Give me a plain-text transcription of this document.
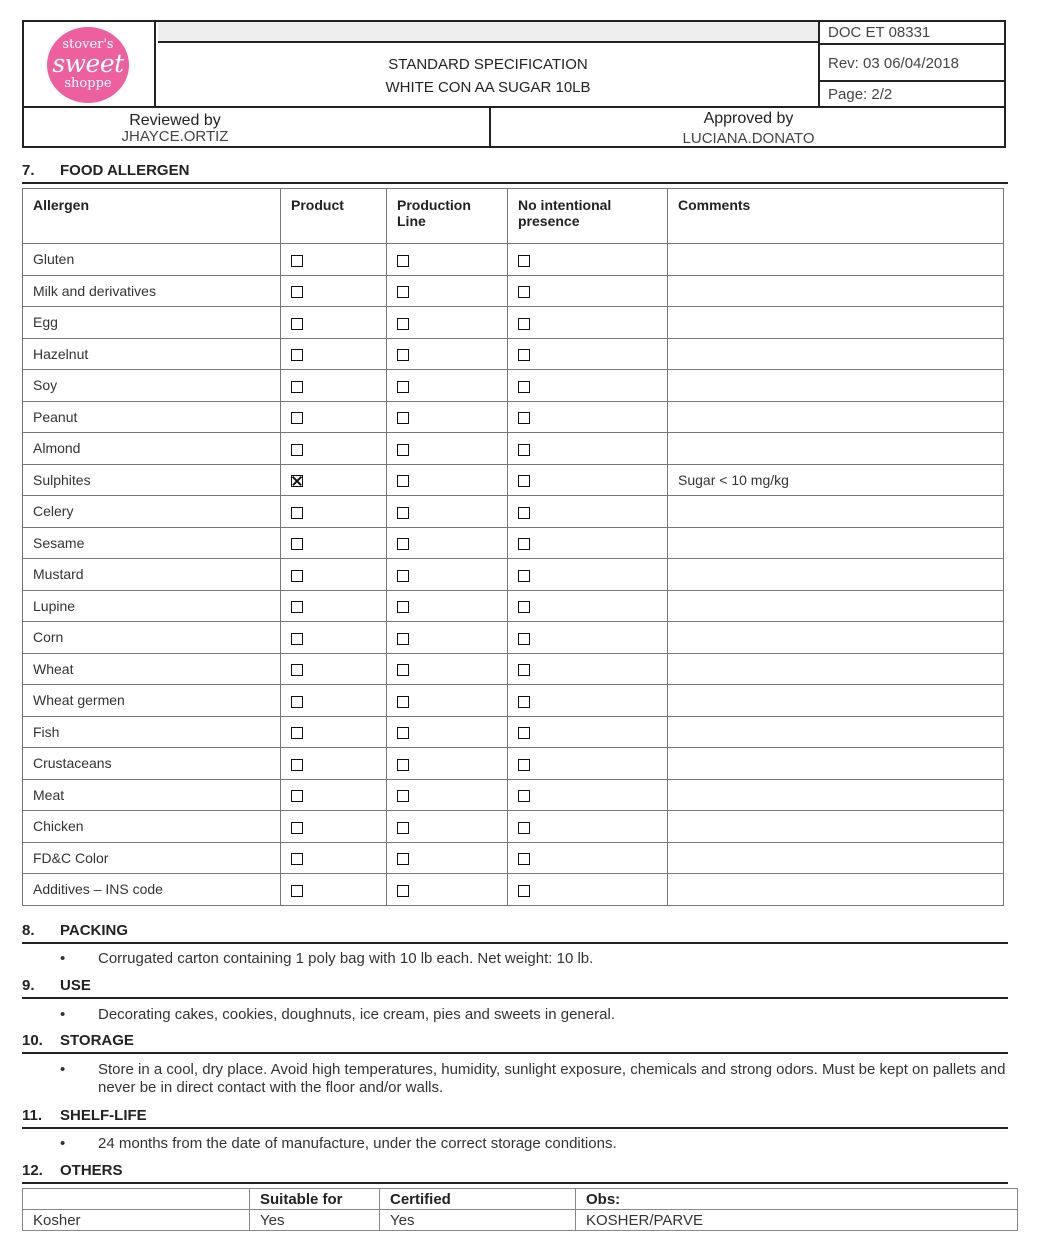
stover's
sweet
shoppe
STANDARD SPECIFICATION
WHITE CON AA SUGAR 10LB
DOC ET 08331
Rev: 03 06/04/2018
Page: 2/2
Reviewed by
JHAYCE.ORTIZ
Approved by
LUCIANA.DONATO
7. FOOD ALLERGEN
Allergen	Product	Production Line	No intentional presence	Comments
Gluten				
Milk and derivatives				
Egg				
Hazelnut				
Soy				
Peanut				
Almond				
Sulphites				Sugar < 10 mg/kg
Celery				
Sesame				
Mustard				
Lupine				
Corn				
Wheat				
Wheat germen				
Fish				
Crustaceans				
Meat				
Chicken				
FD&C Color				
Additives – INS code				
8. PACKING
• Corrugated carton containing 1 poly bag with 10 lb each. Net weight: 10 lb.
9. USE
• Decorating cakes, cookies, doughnuts, ice cream, pies and sweets in general.
10. STORAGE
• Store in a cool, dry place. Avoid high temperatures, humidity, sunlight exposure, chemicals and strong odors. Must be kept on pallets and never be in direct contact with the floor and/or walls.
11. SHELF-LIFE
• 24 months from the date of manufacture, under the correct storage conditions.
12. OTHERS
	Suitable for	Certified	Obs:
Kosher	Yes	Yes	KOSHER/PARVE
